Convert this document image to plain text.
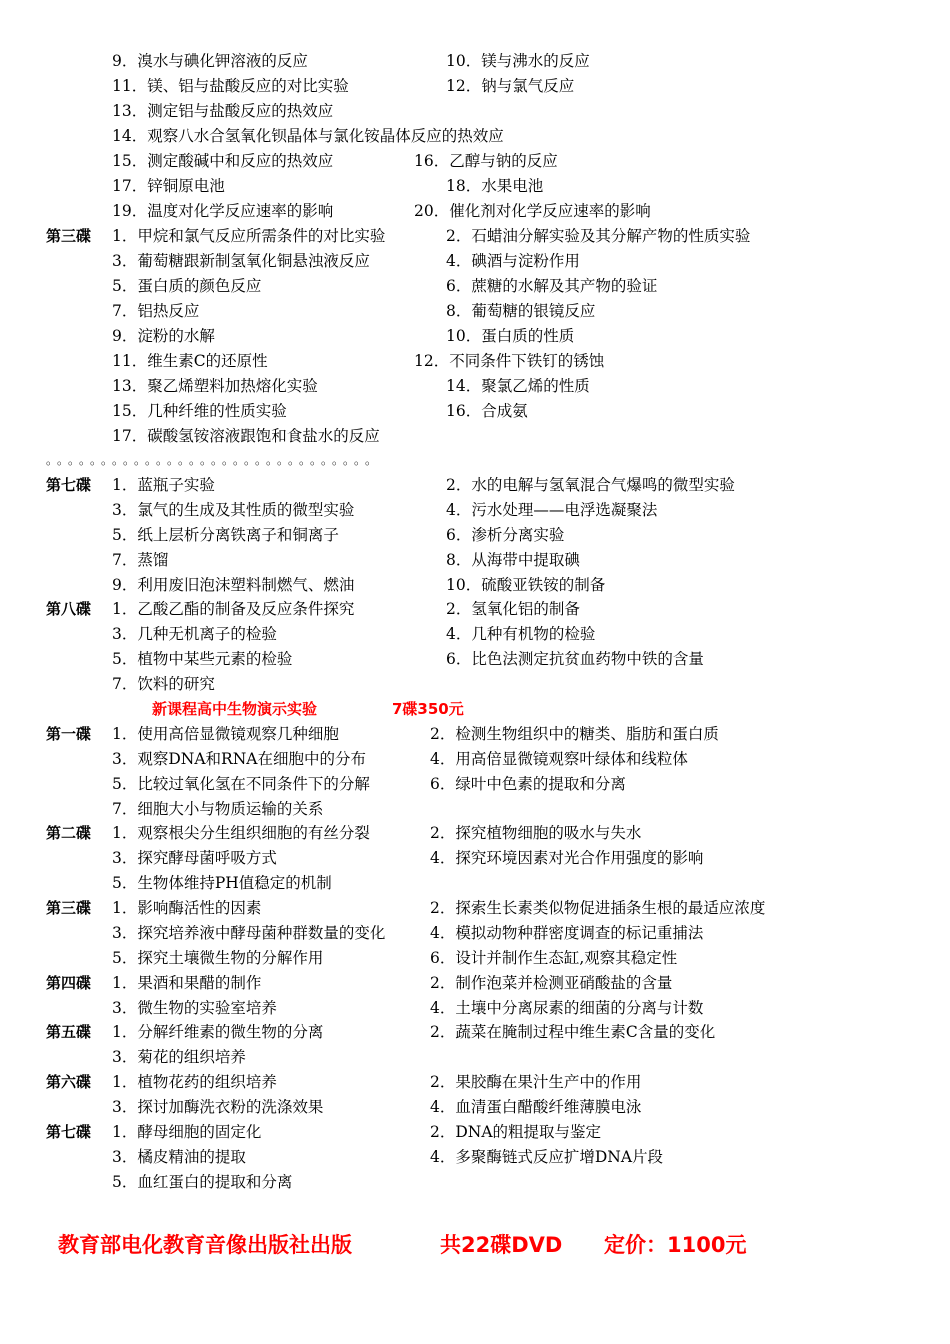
9．溴水与碘化钾溶液的反应	10．镁与沸水的反应
11．镁、铝与盐酸反应的对比实验	12．钠与氯气反应
13．测定铝与盐酸反应的热效应
14．观察八水合氢氧化钡晶体与氯化铵晶体反应的热效应
15．测定酸碱中和反应的热效应	16．乙醇与钠的反应
17．锌铜原电池	18．水果电池
19．温度对化学反应速率的影响	20．催化剂对化学反应速率的影响
第三碟 1．甲烷和氯气反应所需条件的对比实验	2．石蜡油分解实验及其分解产物的性质实验
3．葡萄糖跟新制氢氧化铜悬浊液反应	4．碘酒与淀粉作用
5．蛋白质的颜色反应	6．蔗糖的水解及其产物的验证
7．铝热反应	8．葡萄糖的银镜反应
9．淀粉的水解	10．蛋白质的性质
11．维生素C的还原性	12．不同条件下铁钉的锈蚀
13．聚乙烯塑料加热熔化实验	14．聚氯乙烯的性质
15．几种纤维的性质实验	16．合成氨
17．碳酸氢铵溶液跟饱和食盐水的反应
。。。。。。。。。。。。。。。。。。。。。。。。。。。。。。
第七碟 1．蓝瓶子实验	2．水的电解与氢氧混合气爆鸣的微型实验
3．氯气的生成及其性质的微型实验	4．污水处理——电浮选凝聚法
5．纸上层析分离铁离子和铜离子	6．渗析分离实验
7．蒸馏	8．从海带中提取碘
9．利用废旧泡沫塑料制燃气、燃油	10．硫酸亚铁铵的制备
第八碟 1．乙酸乙酯的制备及反应条件探究	2．氢氧化铝的制备
3．几种无机离子的检验	4．几种有机物的检验
5．植物中某些元素的检验	6．比色法测定抗贫血药物中铁的含量
7．饮料的研究
新课程高中生物演示实验	7碟350元
第一碟 1．使用高倍显微镜观察几种细胞	2．检测生物组织中的糖类、脂肪和蛋白质
3．观察DNA和RNA在细胞中的分布	4．用高倍显微镜观察叶绿体和线粒体
5．比较过氧化氢在不同条件下的分解	6．绿叶中色素的提取和分离
7．细胞大小与物质运输的关系
第二碟 1．观察根尖分生组织细胞的有丝分裂	2．探究植物细胞的吸水与失水
3．探究酵母菌呼吸方式	4．探究环境因素对光合作用强度的影响
5．生物体维持PH值稳定的机制
第三碟 1．影响酶活性的因素	2．探索生长素类似物促进插条生根的最适应浓度
3．探究培养液中酵母菌种群数量的变化	4．模拟动物种群密度调查的标记重捕法
5．探究土壤微生物的分解作用	6．设计并制作生态缸,观察其稳定性
第四碟 1．果酒和果醋的制作	2．制作泡菜并检测亚硝酸盐的含量
3．微生物的实验室培养	4．土壤中分离尿素的细菌的分离与计数
第五碟 1．分解纤维素的微生物的分离	2．蔬菜在腌制过程中维生素C含量的变化
3．菊花的组织培养
第六碟 1．植物花药的组织培养	2．果胶酶在果汁生产中的作用
3．探讨加酶洗衣粉的洗涤效果	4．血清蛋白醋酸纤维薄膜电泳
第七碟 1．酵母细胞的固定化	2．DNA的粗提取与鉴定
3．橘皮精油的提取	4．多聚酶链式反应扩增DNA片段
5．血红蛋白的提取和分离
教育部电化教育音像出版社出版	共22碟DVD 定价：1100元
